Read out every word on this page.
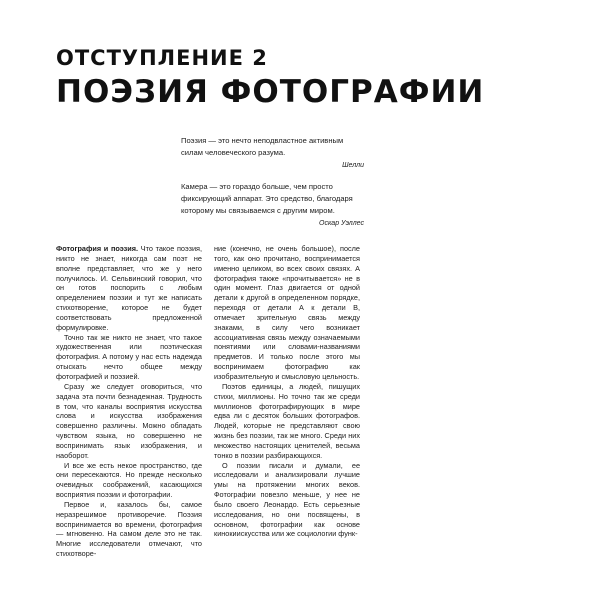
ОТСТУПЛЕНИЕ 2
ПОЭЗИЯ ФОТОГРАФИИ

Поэзия — это нечто неподвластное активным силам человеческого разума.

Шелли

Камера — это гораздо больше, чем просто фиксирующий аппарат. Это средство, благодаря которому мы связываемся с другим миром.

Оскар Уэллес

Фотография и поэзия. Что такое поэзия, никто не знает, никогда сам поэт не вполне представляет, что же у него получилось. И. Сельвинский говорил, что он готов поспорить с любым определением поэзии и тут же написать стихотворение, которое не будет соответствовать предложенной формулировке.

Точно так же никто не знает, что такое художественная или поэтическая фотография. А потому у нас есть надежда отыскать нечто общее между фотографией и поэзией.

Сразу же следует оговориться, что задача эта почти безнадежная. Трудность в том, что каналы восприятия искусства слова и искусства изображения совершенно различны. Можно обладать чувством языка, но совершенно не воспринимать язык изображения, и наоборот.

И все же есть некое пространство, где они пересекаются. Но прежде несколько очевидных соображений, касающихся восприятия поэзии и фотографии.

Первое и, казалось бы, самое неразрешимое противоречие. Поэзия воспринимается во времени, фотография — мгновенно. На самом деле это не так. Многие исследователи отмечают, что стихотворе-

ние (конечно, не очень большое), после того, как оно прочитано, воспринимается именно целиком, во всех своих связях. А фотография также «прочитывается» не в один момент. Глаз двигается от одной детали к другой в определенном порядке, переходя от детали А к детали В, отмечает зрительную связь между знаками, в силу чего возникает ассоциативная связь между означаемыми понятиями или словами-названиями предметов. И только после этого мы воспринимаем фотографию как изобразительную и смысловую цельность.

Поэтов единицы, а людей, пишущих стихи, миллионы. Но точно так же среди миллионов фотографирующих в мире едва ли с десяток больших фотографов. Людей, которые не представляют свою жизнь без поэзии, так же много. Среди них множество настоящих ценителей, весьма тонко в поэзии разбирающихся.

О поэзии писали и думали, ее исследовали и анализировали лучшие умы на протяжении многих веков. Фотографии повезло меньше, у нее не было своего Леонардо. Есть серьезные исследования, но они посвящены, в основном, фотографии как основе кинокиискусства или же социологии функ-
